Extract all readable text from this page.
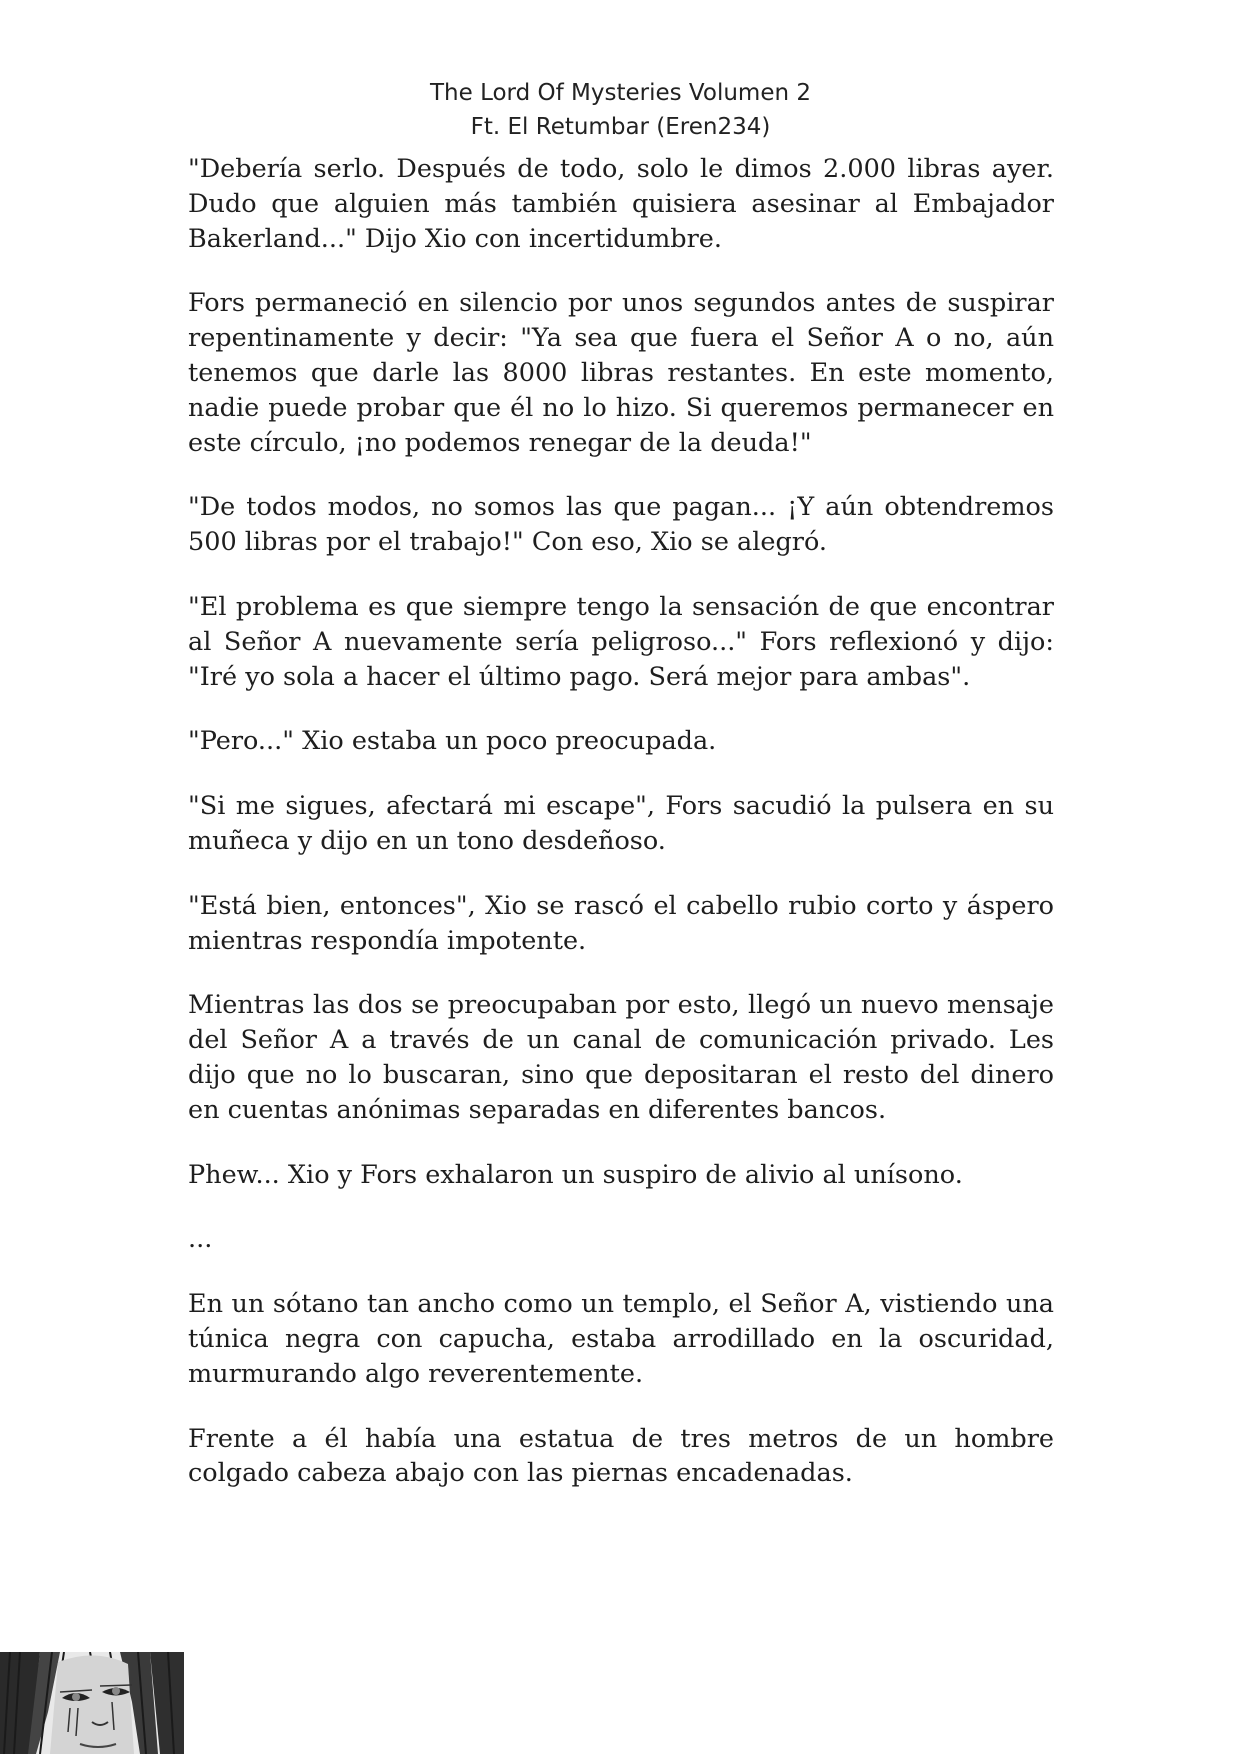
The Lord Of Mysteries Volumen 2
Ft. El Retumbar (Eren234)

"Debería serlo. Después de todo, solo le dimos 2.000 libras ayer. Dudo que alguien más también quisiera asesinar al Embajador Bakerland..." Dijo Xio con incertidumbre.

Fors permaneció en silencio por unos segundos antes de suspirar repentinamente y decir: "Ya sea que fuera el Señor A o no, aún tenemos que darle las 8000 libras restantes. En este momento, nadie puede probar que él no lo hizo. Si queremos permanecer en este círculo, ¡no podemos renegar de la deuda!"

"De todos modos, no somos las que pagan... ¡Y aún obtendremos 500 libras por el trabajo!" Con eso, Xio se alegró.

"El problema es que siempre tengo la sensación de que encontrar al Señor A nuevamente sería peligroso..." Fors reflexionó y dijo: "Iré yo sola a hacer el último pago. Será mejor para ambas".

"Pero..." Xio estaba un poco preocupada.

"Si me sigues, afectará mi escape", Fors sacudió la pulsera en su muñeca y dijo en un tono desdeñoso.

"Está bien, entonces", Xio se rascó el cabello rubio corto y áspero mientras respondía impotente.

Mientras las dos se preocupaban por esto, llegó un nuevo mensaje del Señor A a través de un canal de comunicación privado. Les dijo que no lo buscaran, sino que depositaran el resto del dinero en cuentas anónimas separadas en diferentes bancos.

Phew... Xio y Fors exhalaron un suspiro de alivio al unísono.

...

En un sótano tan ancho como un templo, el Señor A, vistiendo una túnica negra con capucha, estaba arrodillado en la oscuridad, murmurando algo reverentemente.

Frente a él había una estatua de tres metros de un hombre colgado cabeza abajo con las piernas encadenadas.
